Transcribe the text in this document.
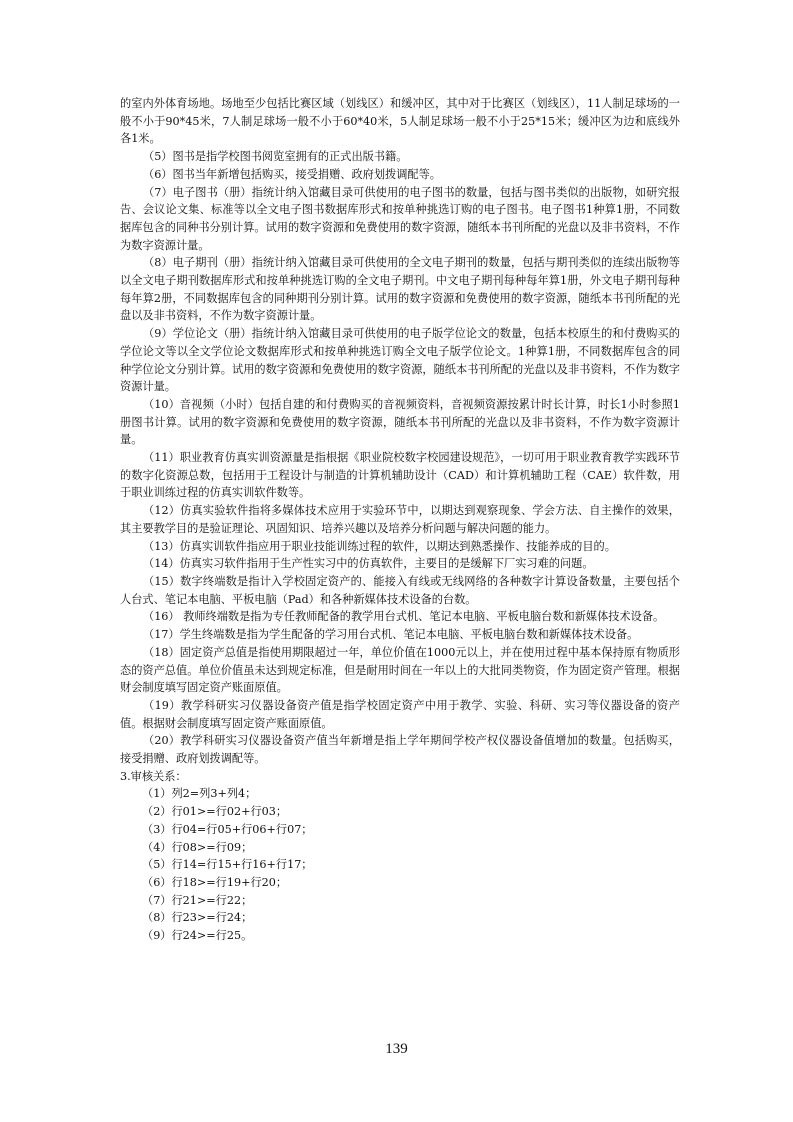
的室内外体育场地。场地至少包括比赛区域（划线区）和缓冲区，其中对于比赛区（划线区），11人制足球场的一般不小于90*45米，7人制足球场一般不小于60*40米，5人制足球场一般不小于25*15米；缓冲区为边和底线外各1米。

（5）图书是指学校图书阅览室拥有的正式出版书籍。

（6）图书当年新增包括购买，接受捐赠、政府划拨调配等。

（7）电子图书（册）指统计纳入馆藏目录可供使用的电子图书的数量，包括与图书类似的出版物，如研究报告、会议论文集、标准等以全文电子图书数据库形式和按单种挑选订购的电子图书。电子图书1种算1册，不同数据库包含的同种书分别计算。试用的数字资源和免费使用的数字资源，随纸本书刊所配的光盘以及非书资料，不作为数字资源计量。

（8）电子期刊（册）指统计纳入馆藏目录可供使用的全文电子期刊的数量，包括与期刊类似的连续出版物等以全文电子期刊数据库形式和按单种挑选订购的全文电子期刊。中文电子期刊每种每年算1册，外文电子期刊每种每年算2册，不同数据库包含的同种期刊分别计算。试用的数字资源和免费使用的数字资源，随纸本书刊所配的光盘以及非书资料，不作为数字资源计量。

（9）学位论文（册）指统计纳入馆藏目录可供使用的电子版学位论文的数量，包括本校原生的和付费购买的学位论文等以全文学位论文数据库形式和按单种挑选订购全文电子版学位论文。1种算1册，不同数据库包含的同种学位论文分别计算。试用的数字资源和免费使用的数字资源，随纸本书刊所配的光盘以及非书资料，不作为数字资源计量。

（10）音视频（小时）包括自建的和付费购买的音视频资料，音视频资源按累计时长计算，时长1小时参照1册图书计算。试用的数字资源和免费使用的数字资源，随纸本书刊所配的光盘以及非书资料，不作为数字资源计量。

（11）职业教育仿真实训资源量是指根据《职业院校数字校园建设规范》，一切可用于职业教育教学实践环节的数字化资源总数，包括用于工程设计与制造的计算机辅助设计（CAD）和计算机辅助工程（CAE）软件数，用于职业训练过程的仿真实训软件数等。

（12）仿真实验软件指将多媒体技术应用于实验环节中，以期达到观察现象、学会方法、自主操作的效果，其主要教学目的是验证理论、巩固知识、培养兴趣以及培养分析问题与解决问题的能力。

（13）仿真实训软件指应用于职业技能训练过程的软件，以期达到熟悉操作、技能养成的目的。

（14）仿真实习软件指用于生产性实习中的仿真软件，主要目的是缓解下厂实习难的问题。

（15）数字终端数是指计入学校固定资产的、能接入有线或无线网络的各种数字计算设备数量，主要包括个人台式、笔记本电脑、平板电脑（Pad）和各种新媒体技术设备的台数。

（16） 教师终端数是指为专任教师配备的教学用台式机、笔记本电脑、平板电脑台数和新媒体技术设备。

（17）学生终端数是指为学生配备的学习用台式机、笔记本电脑、平板电脑台数和新媒体技术设备。

（18）固定资产总值是指使用期限超过一年，单位价值在1000元以上，并在使用过程中基本保持原有物质形态的资产总值。单位价值虽未达到规定标准，但是耐用时间在一年以上的大批同类物资，作为固定资产管理。根据财会制度填写固定资产账面原值。

（19）教学科研实习仪器设备资产值是指学校固定资产中用于教学、实验、科研、实习等仪器设备的资产值。根据财会制度填写固定资产账面原值。

（20）教学科研实习仪器设备资产值当年新增是指上学年期间学校产权仪器设备值增加的数量。包括购买，接受捐赠、政府划拨调配等。

3.审核关系：

（1）列2=列3+列4；

（2）行01>=行02+行03；

（3）行04=行05+行06+行07；

（4）行08>=行09；

（5）行14=行15+行16+行17；

（6）行18>=行19+行20；

（7）行21>=行22；

（8）行23>=行24；

（9）行24>=行25。

139
